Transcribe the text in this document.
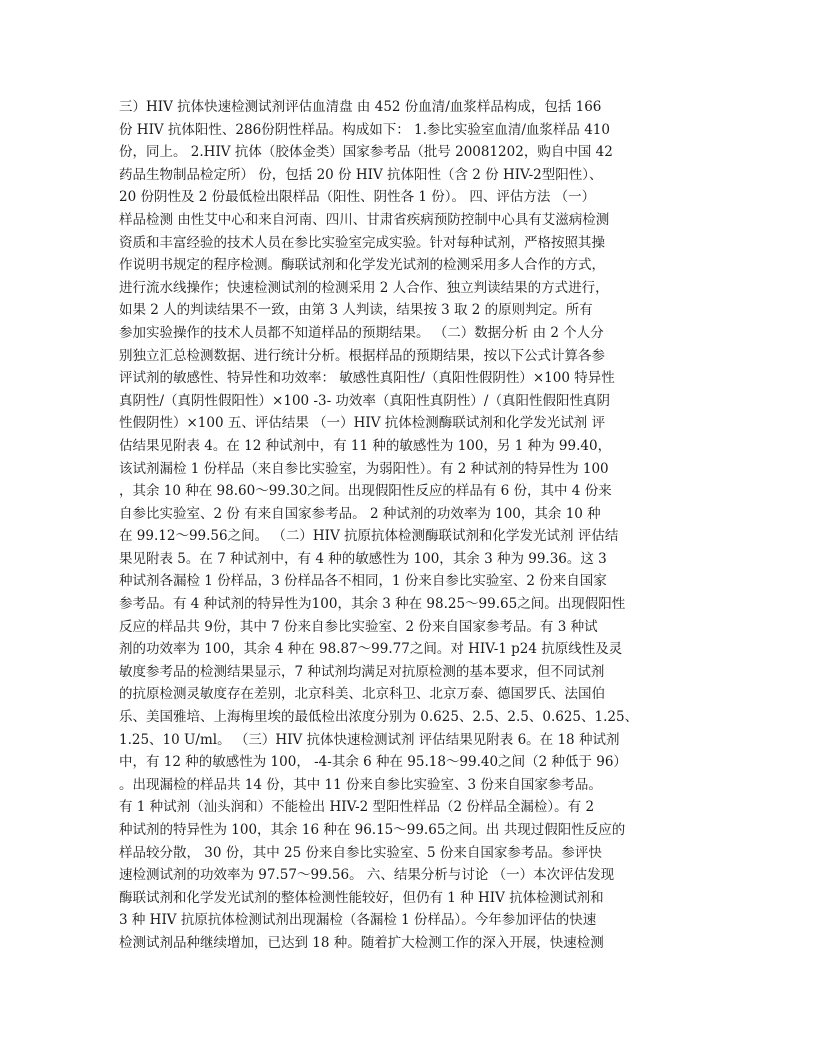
三）HIV 抗体快速检测试剂评估血清盘 由 452 份血清/血浆样品构成，包括 166
份 HIV 抗体阳性、286份阴性样品。构成如下： 1.参比实验室血清/血浆样品 410
份，同上。 2.HIV 抗体（胶体金类）国家参考品（批号 20081202，购自中国 42
药品生物制品检定所） 份，包括 20 份 HIV 抗体阳性（含 2 份 HIV-2型阳性）、
20 份阴性及 2 份最低检出限样品（阳性、阴性各 1 份）。 四、评估方法 （一）
样品检测 由性艾中心和来自河南、四川、甘肃省疾病预防控制中心具有艾滋病检测
资质和丰富经验的技术人员在参比实验室完成实验。针对每种试剂，严格按照其操
作说明书规定的程序检测。酶联试剂和化学发光试剂的检测采用多人合作的方式，
进行流水线操作；快速检测试剂的检测采用 2 人合作、独立判读结果的方式进行，
如果 2 人的判读结果不一致，由第 3 人判读，结果按 3 取 2 的原则判定。所有
参加实验操作的技术人员都不知道样品的预期结果。 （二）数据分析 由 2 个人分
别独立汇总检测数据、进行统计分析。根据样品的预期结果，按以下公式计算各参
评试剂的敏感性、特异性和功效率： 敏感性真阳性/（真阳性假阴性）×100 特异性
真阴性/（真阴性假阳性）×100 -3- 功效率（真阳性真阴性）/（真阳性假阳性真阴
性假阴性）×100 五、评估结果 （一）HIV 抗体检测酶联试剂和化学发光试剂 评
估结果见附表 4。在 12 种试剂中，有 11 种的敏感性为 100，另 1 种为 99.40，
该试剂漏检 1 份样品（来自参比实验室，为弱阳性）。有 2 种试剂的特异性为 100
，其余 10 种在 98.60～99.30之间。出现假阳性反应的样品有 6 份，其中 4 份来
自参比实验室、2 份 有来自国家参考品。 2 种试剂的功效率为 100，其余 10 种
在 99.12～99.56之间。 （二）HIV 抗原抗体检测酶联试剂和化学发光试剂 评估结
果见附表 5。在 7 种试剂中，有 4 种的敏感性为 100，其余 3 种为 99.36。这 3
种试剂各漏检 1 份样品，3 份样品各不相同，1 份来自参比实验室、2 份来自国家
参考品。有 4 种试剂的特异性为100，其余 3 种在 98.25～99.65之间。出现假阳性
反应的样品共 9份，其中 7 份来自参比实验室、2 份来自国家参考品。有 3 种试
剂的功效率为 100，其余 4 种在 98.87～99.77之间。对 HIV-1 p24 抗原线性及灵
敏度参考品的检测结果显示，7 种试剂均满足对抗原检测的基本要求，但不同试剂
的抗原检测灵敏度存在差别，北京科美、北京科卫、北京万泰、德国罗氏、法国伯
乐、美国雅培、上海梅里埃的最低检出浓度分别为 0.625、2.5、2.5、0.625、1.25、
1.25、10 U/ml。 （三）HIV 抗体快速检测试剂 评估结果见附表 6。在 18 种试剂
中，有 12 种的敏感性为 100， -4-其余 6 种在 95.18～99.40之间（2 种低于 96）
。出现漏检的样品共 14 份，其中 11 份来自参比实验室、3 份来自国家参考品。
有 1 种试剂（汕头润和）不能检出 HIV-2 型阳性样品（2 份样品全漏检）。有 2
种试剂的特异性为 100，其余 16 种在 96.15～99.65之间。出 共现过假阳性反应的
样品较分散， 30 份，其中 25 份来自参比实验室、5 份来自国家参考品。参评快
速检测试剂的功效率为 97.57～99.56。 六、结果分析与讨论 （一）本次评估发现
酶联试剂和化学发光试剂的整体检测性能较好，但仍有 1 种 HIV 抗体检测试剂和
3 种 HIV 抗原抗体检测试剂出现漏检（各漏检 1 份样品）。今年参加评估的快速
检测试剂品种继续增加，已达到 18 种。随着扩大检测工作的深入开展，快速检测
